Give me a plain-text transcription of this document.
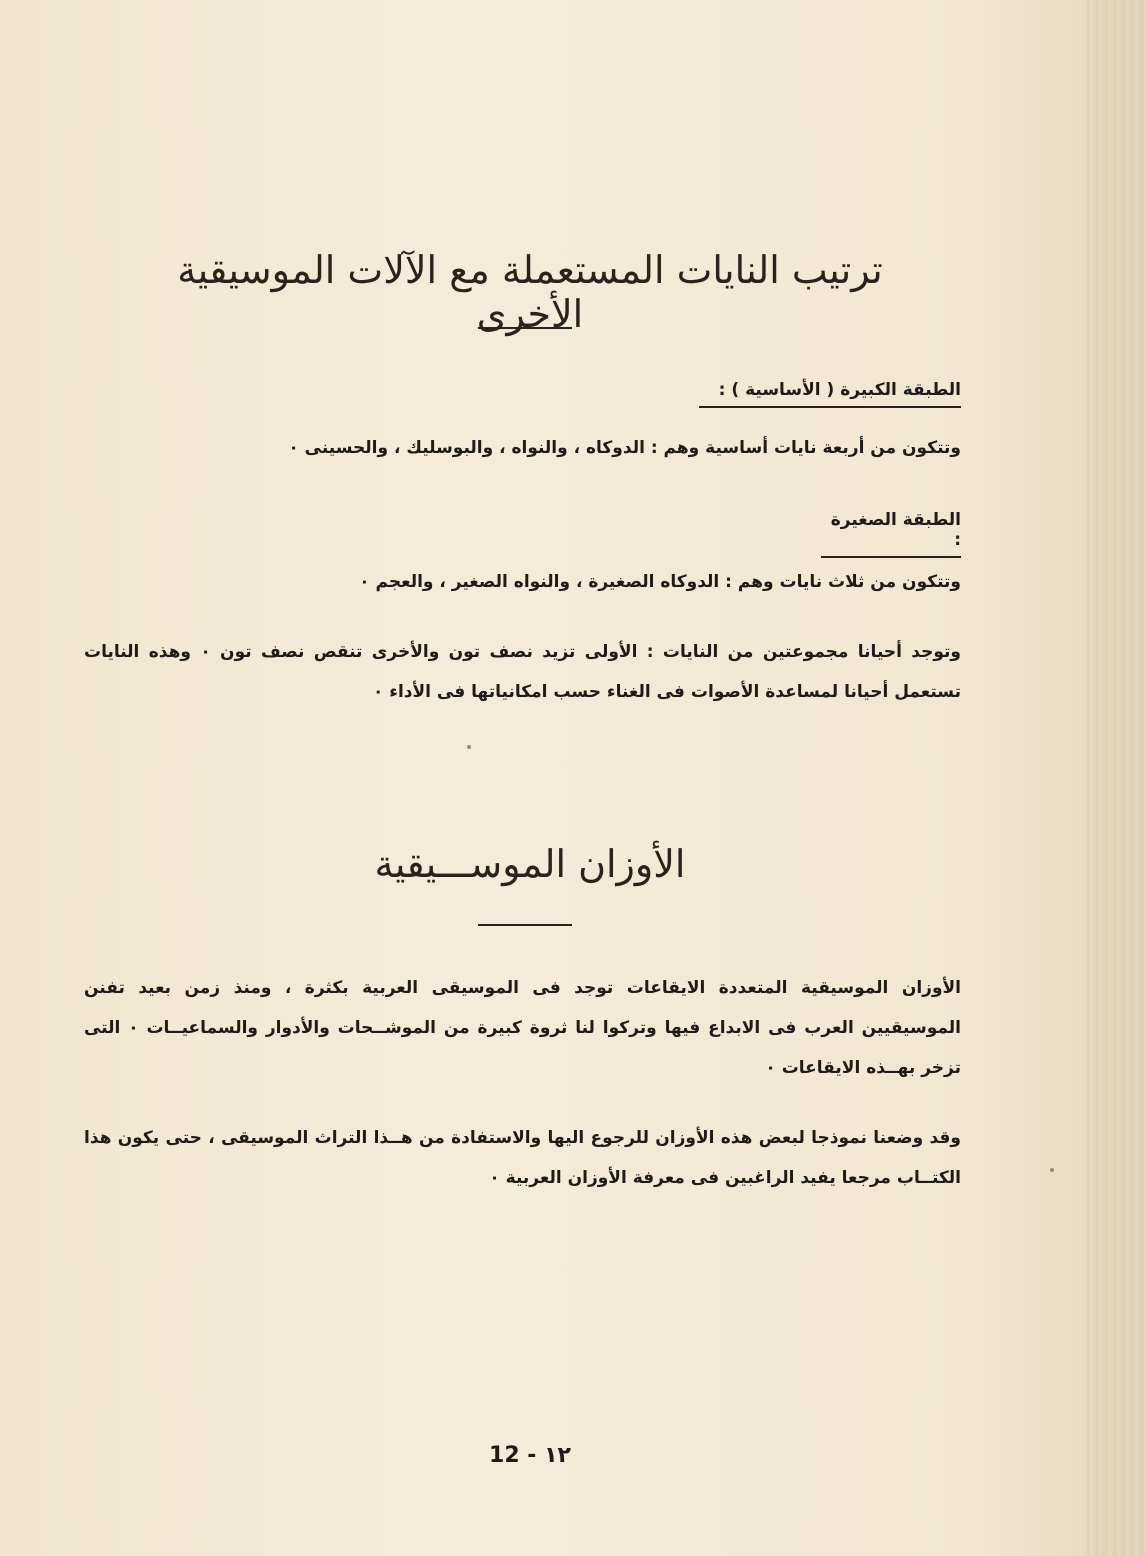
ترتيب النايات المستعملة مع الآلات الموسيقية الأخرى
الطبقة الكبيرة ( الأساسية ) :
وتتكون من أربعة نايات أساسية وهم : الدوكاه ، والنواه ، والبوسليك ، والحسينى ٠
الطبقة الصغيرة :
وتتكون من ثلاث نايات وهم : الدوكاه الصغيرة ، والنواه الصغير ، والعجم ٠
وتوجد أحيانا مجموعتين من النايات : الأولى تزيد نصف تون والأخرى تنقص نصف تون ٠ وهذه النايات تستعمل أحيانا لمساعدة الأصوات فى الغناء حسب امكانياتها فى الأداء ٠
الأوزان الموســـيقية
الأوزان الموسيقية المتعددة الايقاعات توجد فى الموسيقى العربية بكثرة ، ومنذ زمن بعيد تفنن الموسيقيين العرب فى الابداع فيها وتركوا لنا ثروة كبيرة من الموشــحات والأدوار والسماعيــات ٠ التى تزخر بهــذه الايقاعات ٠
وقد وضعنا نموذجا لبعض هذه الأوزان للرجوع اليها والاستفادة من هــذا التراث الموسيقى ، حتى يكون هذا الكتــاب مرجعا يفيد الراغبين فى معرفة الأوزان العربية ٠
12 - ١٢
